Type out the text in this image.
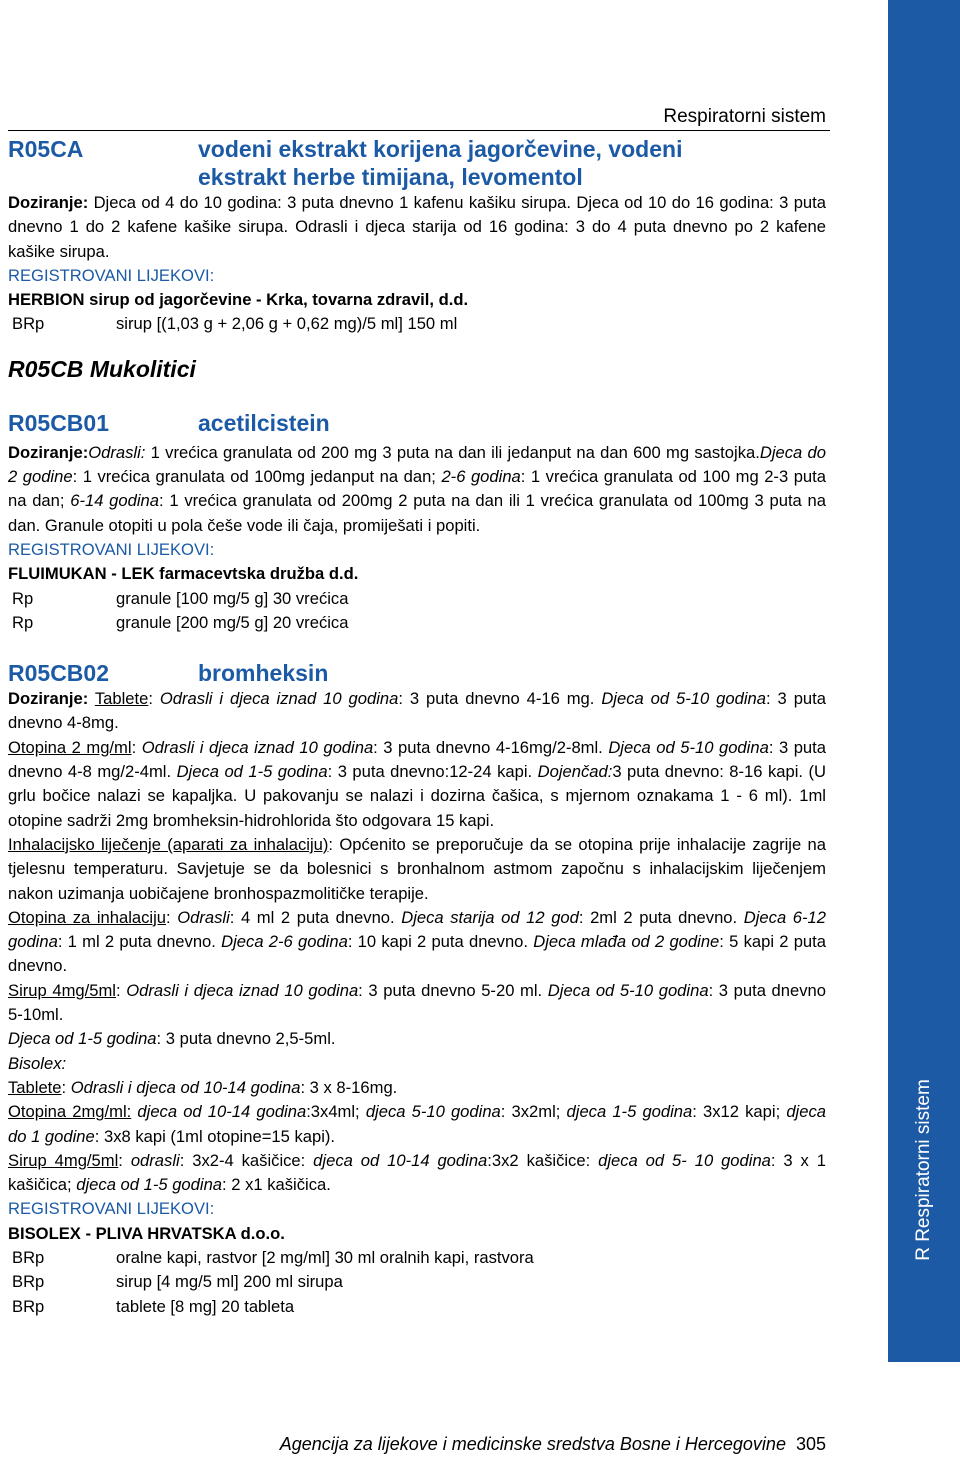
Respiratorni sistem
R Respiratorni sistem
R05CA	vodeni ekstrakt korijena jagorčevine, vodeni
ekstrakt herbe timijana, levomentol
Doziranje: Djeca od 4 do 10 godina: 3 puta dnevno 1 kafenu kašiku sirupa. Djeca od 10 do 16 godina: 3 puta dnevno 1 do 2 kafene kašike sirupa. Odrasli i djeca starija od 16 godina: 3 do 4 puta dnevno po 2 kafene kašike sirupa.
REGISTROVANI LIJEKOVI:
HERBION sirup od jagorčevine - Krka, tovarna zdravil, d.d.
BRp	sirup [(1,03 g + 2,06 g + 0,62 mg)/5 ml] 150 ml
R05CB Mukolitici
R05CB01	acetilcistein
Doziranje:Odrasli: 1 vrećica granulata od 200 mg 3 puta na dan ili jedanput na dan 600 mg sastojka.Djeca do 2 godine: 1 vrećica granulata od 100mg jedanput na dan; 2-6 godina: 1 vrećica granulata od 100 mg 2-3 puta na dan; 6-14 godina: 1 vrećica granulata od 200mg 2 puta na dan ili 1 vrećica granulata od 100mg 3 puta na dan. Granule otopiti u pola češe vode ili čaja, promiješati i popiti.
REGISTROVANI LIJEKOVI:
FLUIMUKAN - LEK farmacevtska družba d.d.
Rp	granule [100 mg/5 g] 30 vrećica
Rp	granule [200 mg/5 g] 20 vrećica
R05CB02	bromheksin
Doziranje: Tablete: Odrasli i djeca iznad 10 godina: 3 puta dnevno 4-16 mg. Djeca od 5-10 godina: 3 puta dnevno 4-8mg.
Otopina 2 mg/ml: Odrasli i djeca iznad 10 godina: 3 puta dnevno 4-16mg/2-8ml. Djeca od 5-10 godina: 3 puta dnevno 4-8 mg/2-4ml. Djeca od 1-5 godina: 3 puta dnevno:12-24 kapi. Dojenčad:3 puta dnevno: 8-16 kapi. (U grlu bočice nalazi se kapaljka. U pakovanju se nalazi i dozirna čašica, s mjernom oznakama 1 - 6 ml). 1ml otopine sadrži 2mg bromheksin-hidrohlorida što odgovara 15 kapi.
Inhalacijsko liječenje (aparati za inhalaciju): Općenito se preporučuje da se otopina prije inhalacije zagrije na tjelesnu temperaturu. Savjetuje se da bolesnici s bronhalnom astmom započnu s inhalacijskim liječenjem nakon uzimanja uobičajene bronhospazmolitičke terapije.
Otopina za inhalaciju: Odrasli: 4 ml 2 puta dnevno. Djeca starija od 12 god: 2ml 2 puta dnevno. Djeca 6-12 godina: 1 ml 2 puta dnevno. Djeca 2-6 godina: 10 kapi 2 puta dnevno. Djeca mlađa od 2 godine: 5 kapi 2 puta dnevno.
Sirup 4mg/5ml: Odrasli i djeca iznad 10 godina: 3 puta dnevno 5-20 ml. Djeca od 5-10 godina: 3 puta dnevno 5-10ml.
Djeca od 1-5 godina: 3 puta dnevno 2,5-5ml.
Bisolex:
Tablete: Odrasli i djeca od 10-14 godina: 3 x 8-16mg.
Otopina 2mg/ml: djeca od 10-14 godina:3x4ml; djeca 5-10 godina: 3x2ml; djeca 1-5 godina: 3x12 kapi; djeca do 1 godine: 3x8 kapi (1ml otopine=15 kapi).
Sirup 4mg/5ml: odrasli: 3x2-4 kašičice: djeca od 10-14 godina:3x2 kašičice: djeca od 5- 10 godina: 3 x 1 kašičica; djeca od 1-5 godina: 2 x1 kašičica.
REGISTROVANI LIJEKOVI:
BISOLEX - PLIVA HRVATSKA d.o.o.
BRp	oralne kapi, rastvor [2 mg/ml] 30 ml oralnih kapi, rastvora
BRp	sirup [4 mg/5 ml] 200 ml sirupa
BRp	tablete [8 mg] 20 tableta
Agencija za lijekove i medicinske sredstva Bosne i Hercegovine 305
